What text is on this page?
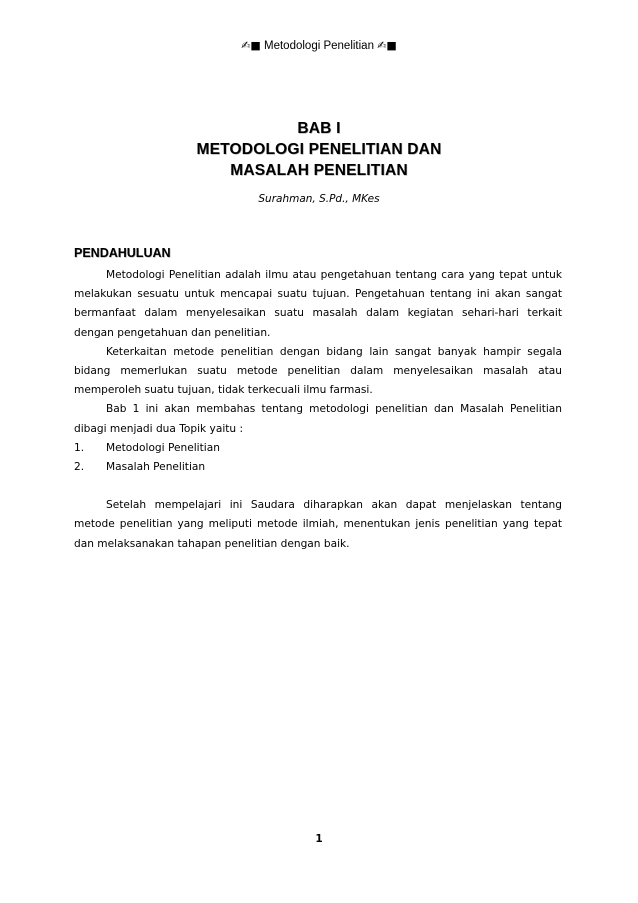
✍■ Metodologi Penelitian ✍■
BAB I
METODOLOGI PENELITIAN DAN
MASALAH PENELITIAN
Surahman, S.Pd., MKes
PENDAHULUAN

Metodologi Penelitian adalah ilmu atau pengetahuan tentang cara yang tepat untuk melakukan sesuatu untuk mencapai suatu tujuan. Pengetahuan tentang ini akan sangat bermanfaat dalam menyelesaikan suatu masalah dalam kegiatan sehari-hari terkait dengan pengetahuan dan penelitian.

Keterkaitan metode penelitian dengan bidang lain sangat banyak hampir segala bidang memerlukan suatu metode penelitian dalam menyelesaikan masalah atau memperoleh suatu tujuan, tidak terkecuali ilmu farmasi.

Bab 1 ini akan membahas tentang metodologi penelitian dan Masalah Penelitian dibagi menjadi dua Topik yaitu :

1. Metodologi Penelitian
2. Masalah Penelitian

Setelah mempelajari ini Saudara diharapkan akan dapat menjelaskan tentang metode penelitian yang meliputi metode ilmiah, menentukan jenis penelitian yang tepat dan melaksanakan tahapan penelitian dengan baik.

1
